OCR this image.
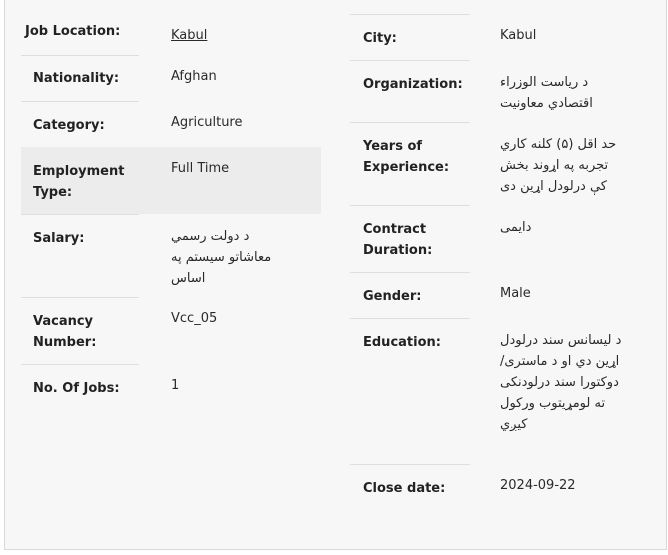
Job Location:	Kabul
Nationality:	Afghan
Category:	Agriculture
Employment Type:
Full Time
Salary:	د دولت رسمي معاشاتو سیستم په اساس
Vacancy Number:
Vcc_05
No. Of Jobs:	1
City:	Kabul
Organization:	د ریاست الوزراء اقتصادي معاونیت
Years of Experience:
حد اقل (۵) کلنه کاري تجربه په اړوند بخش کې درلودل اړین دی
Contract Duration:
دایمی
Gender:	Male
Education:	د لیسانس سند درلودل اړین دي او د ماستری/دوکتورا سند درلودنکی ته لومړیتوب ورکول کیږي
Close date:	2024-09-22
